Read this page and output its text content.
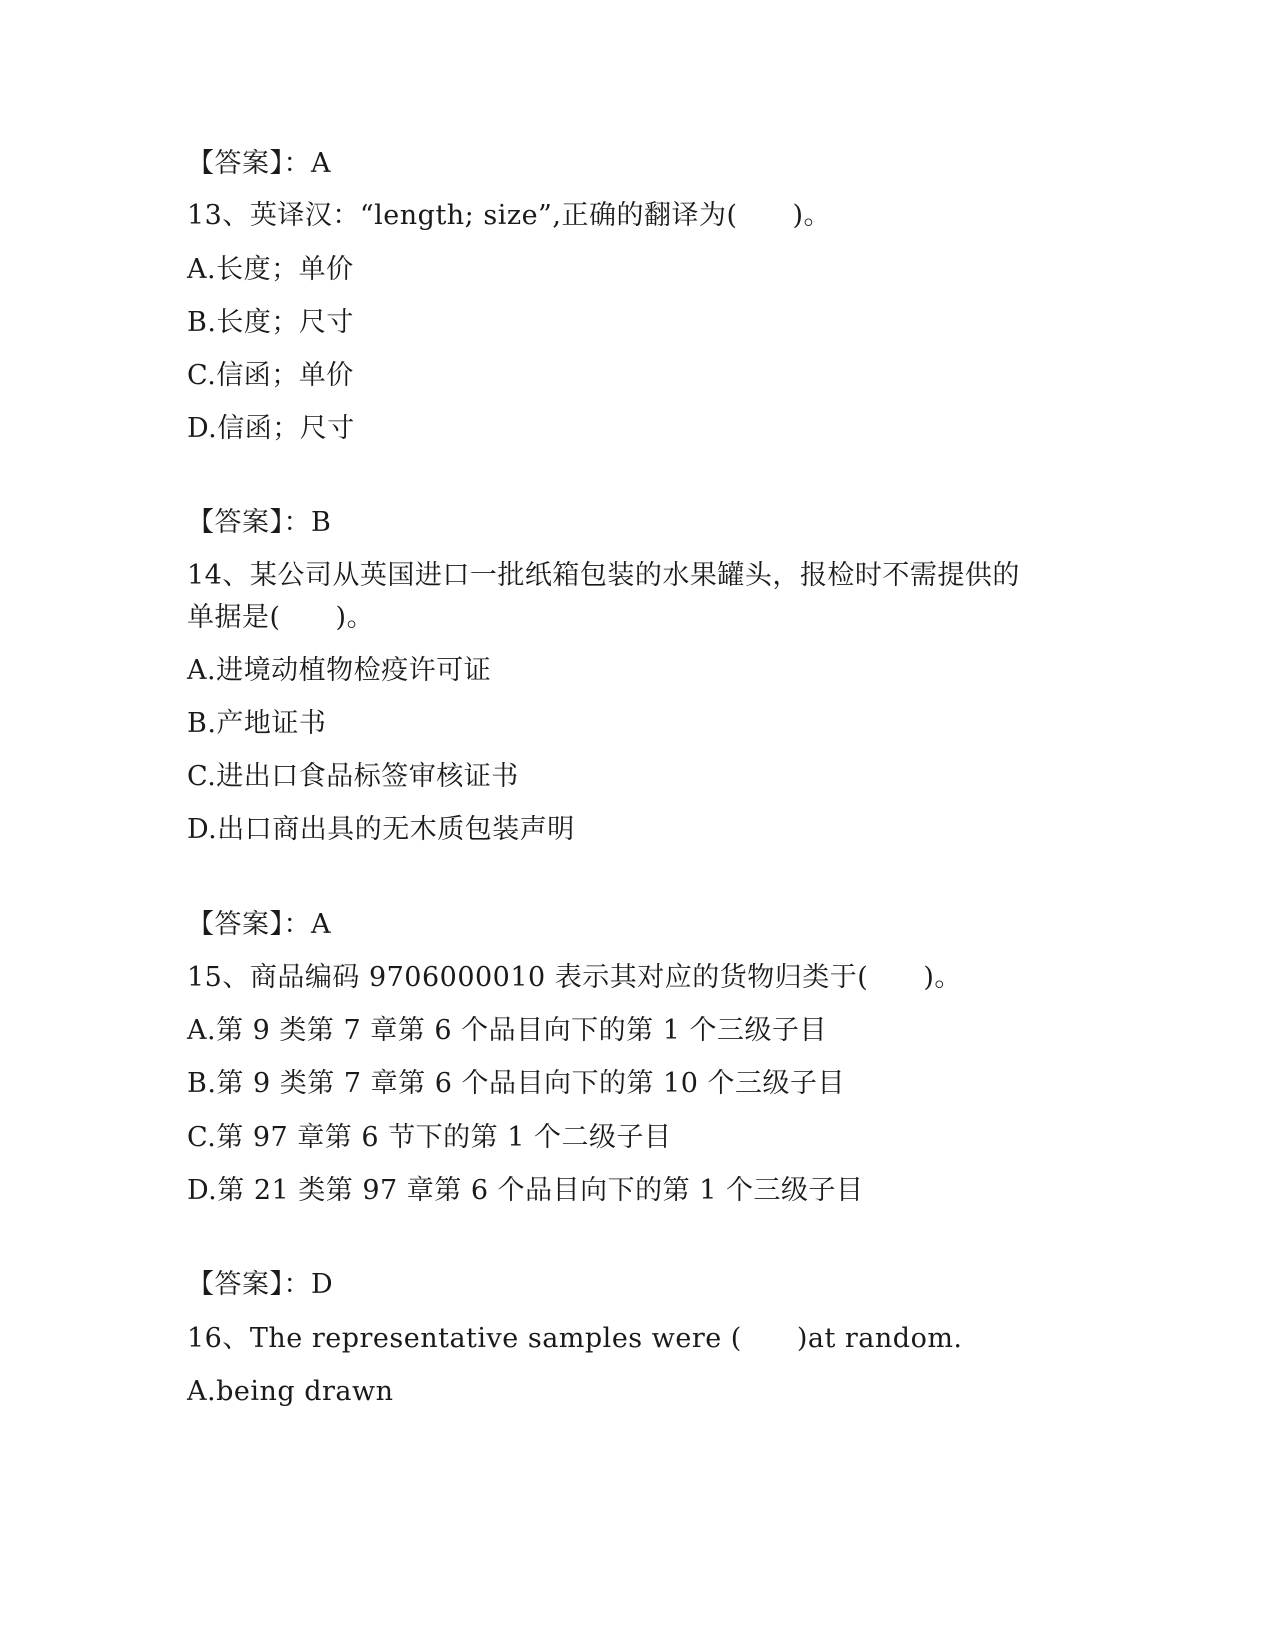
【答案】：A
13、英译汉：“length; size”,正确的翻译为(　　)。
A.长度；单价
B.长度；尺寸
C.信函；单价
D.信函；尺寸
【答案】：B
14、某公司从英国进口一批纸箱包装的水果罐头，报检时不需提供的
单据是(　　)。
A.进境动植物检疫许可证
B.产地证书
C.进出口食品标签审核证书
D.出口商出具的无木质包装声明
【答案】：A
15、商品编码 9706000010 表示其对应的货物归类于(　　)。
A.第 9 类第 7 章第 6 个品目向下的第 1 个三级子目
B.第 9 类第 7 章第 6 个品目向下的第 10 个三级子目
C.第 97 章第 6 节下的第 1 个二级子目
D.第 21 类第 97 章第 6 个品目向下的第 1 个三级子目
【答案】：D
16、The representative samples were (　　)at random.
A.being drawn
